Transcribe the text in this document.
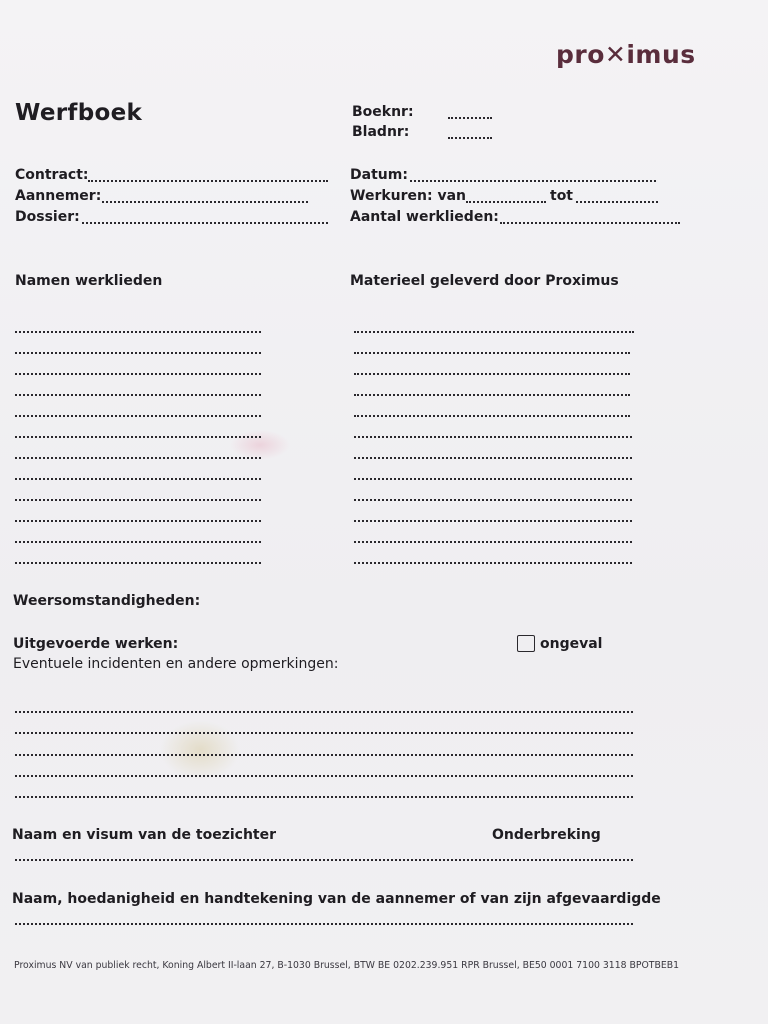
pro✕imus
Werfboek	Boeknr:
Bladnr:
Contract:
Aannemer:
Dossier:
Datum:
Werkuren: van	tot
Aantal werklieden:
Namen werklieden	Materieel geleverd door Proximus
Weersomstandigheden:
Uitgevoerde werken:	ongeval
Eventuele incidenten en andere opmerkingen:
Naam en visum van de toezichter	Onderbreking
Naam, hoedanigheid en handtekening van de aannemer of van zijn afgevaardigde
Proximus NV van publiek recht, Koning Albert II-laan 27, B-1030 Brussel, BTW BE 0202.239.951 RPR Brussel, BE50 0001 7100 3118 BPOTBEB1
